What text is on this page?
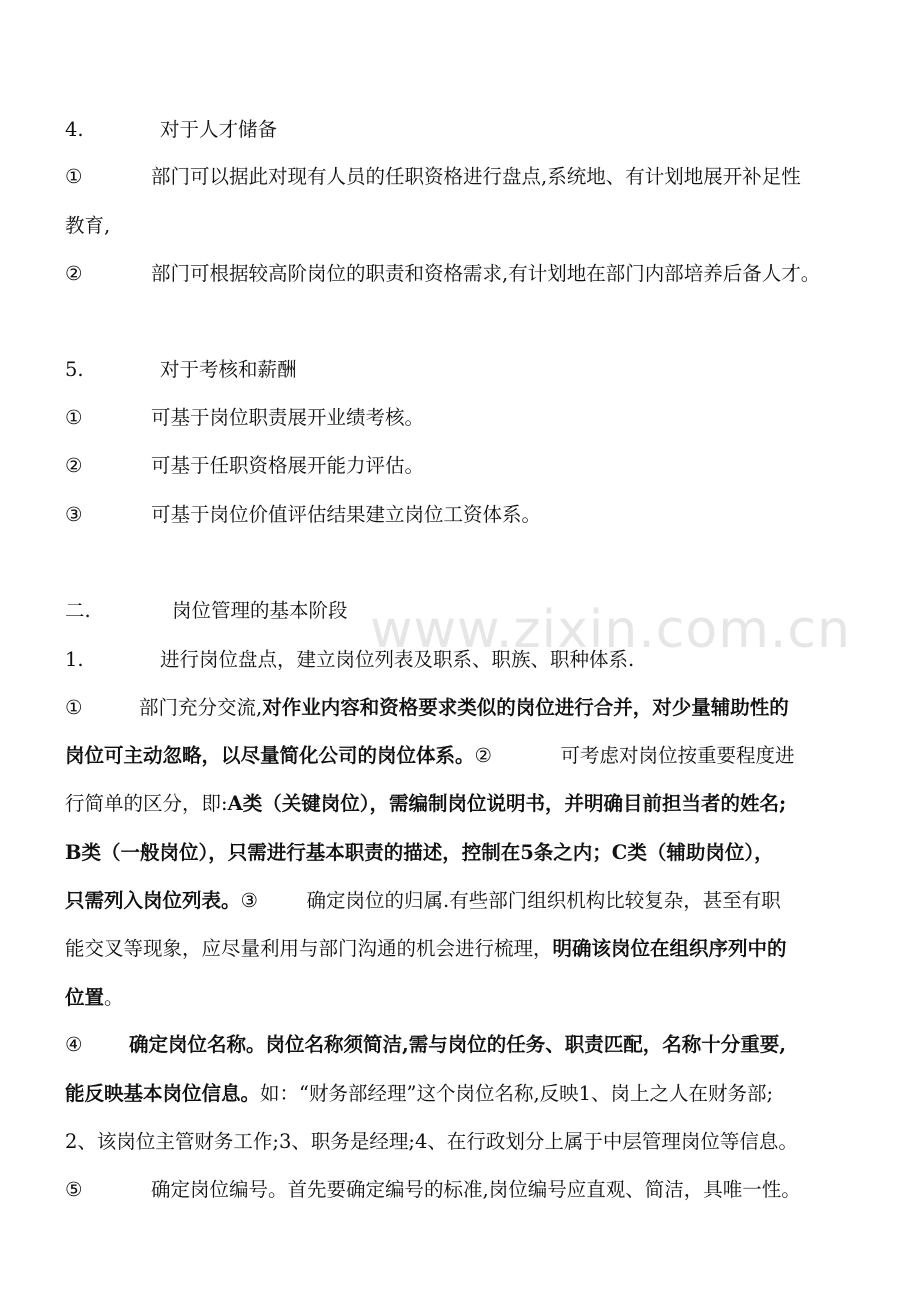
www.zixin.com.cn
4.	对于人才储备
①	部门可以据此对现有人员的任职资格进行盘点,系统地、有计划地展开补足性
教育,
②	部门可根据较高阶岗位的职责和资格需求,有计划地在部门内部培养后备人才。
5.	对于考核和薪酬
①	可基于岗位职责展开业绩考核。
②	可基于任职资格展开能力评估。
③	可基于岗位价值评估结果建立岗位工资体系。
二.	岗位管理的基本阶段
1.	进行岗位盘点，建立岗位列表及职系、职族、职种体系.
①	部门充分交流,对作业内容和资格要求类似的岗位进行合并，对少量辅助性的
岗位可主动忽略，以尽量简化公司的岗位体系。②	可考虑对岗位按重要程度进
行简单的区分，即:A类（关键岗位），需编制岗位说明书，并明确目前担当者的姓名;
B类（一般岗位），只需进行基本职责的描述，控制在5条之内；C类（辅助岗位），
只需列入岗位列表。③ 确定岗位的归属.有些部门组织机构比较复杂，甚至有职
能交叉等现象，应尽量利用与部门沟通的机会进行梳理，明确该岗位在组织序列中的
位置。
④ 确定岗位名称。岗位名称须简洁,需与岗位的任务、职责匹配，名称十分重要,
能反映基本岗位信息。如：“财务部经理”这个岗位名称,反映1、岗上之人在财务部;
2、该岗位主管财务工作;3、职务是经理;4、在行政划分上属于中层管理岗位等信息。
⑤	确定岗位编号。首先要确定编号的标准,岗位编号应直观、简洁，具唯一性。
